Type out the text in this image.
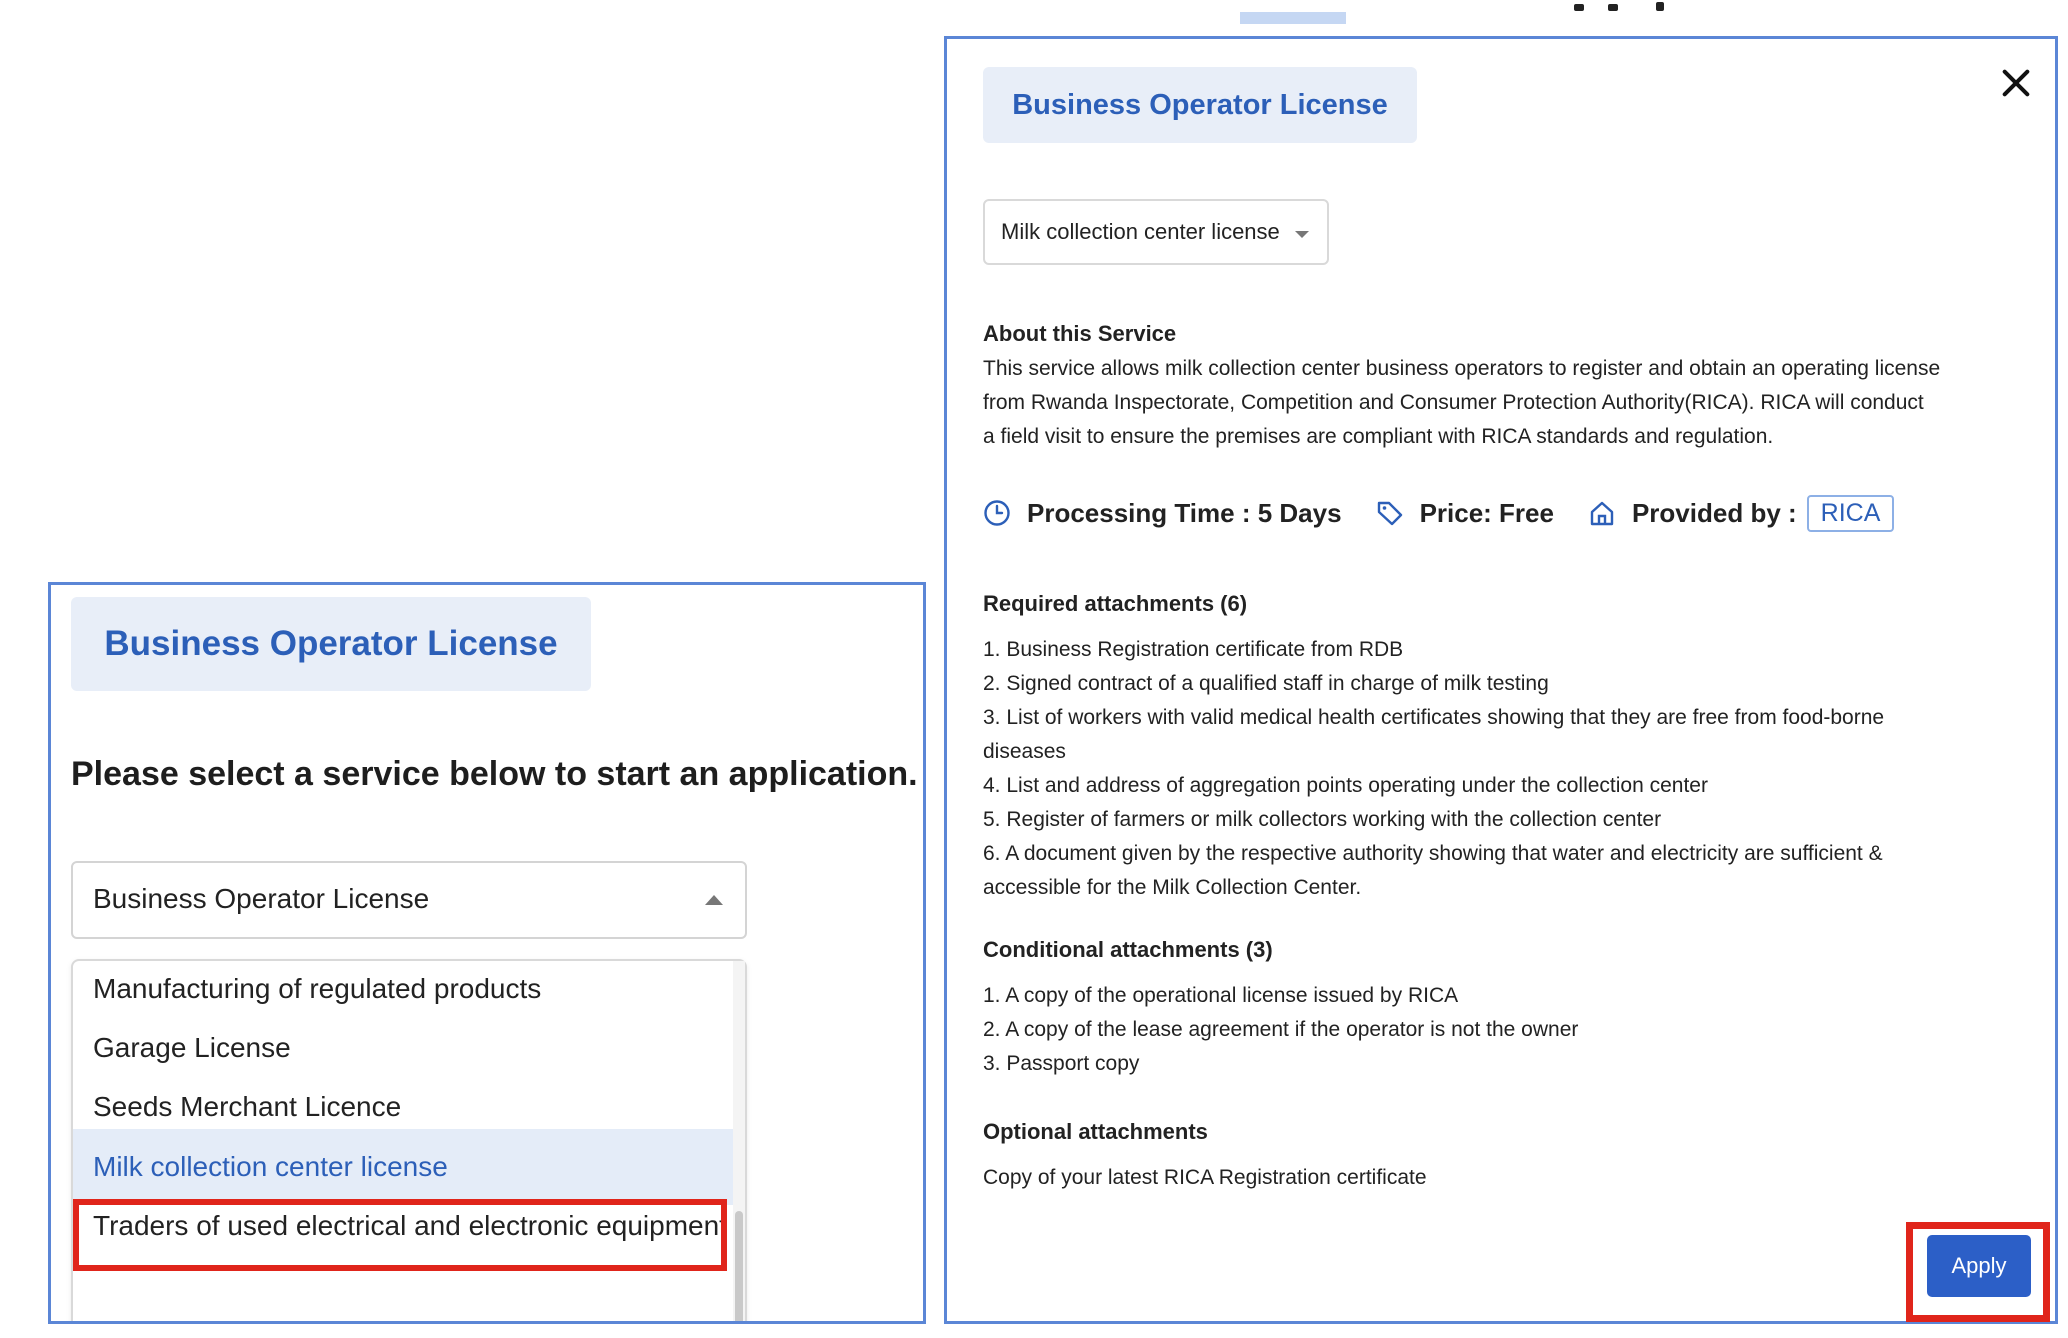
Business Operator License
Please select a service below to start an application.
Business Operator License
Manufacturing of regulated products
Garage License
Seeds Merchant Licence
Milk collection center license
Traders of used electrical and electronic equipment
Business Operator License
Milk collection center license
About this Service
This service allows milk collection center business operators to register and obtain an operating license
from Rwanda Inspectorate, Competition and Consumer Protection Authority(RICA). RICA will conduct
a field visit to ensure the premises are compliant with RICA standards and regulation.
Processing Time : 5 Days	Price: Free	Provided by : RICA
Required attachments (6)
1. Business Registration certificate from RDB
2. Signed contract of a qualified staff in charge of milk testing
3. List of workers with valid medical health certificates showing that they are free from food-borne
diseases
4. List and address of aggregation points operating under the collection center
5. Register of farmers or milk collectors working with the collection center
6. A document given by the respective authority showing that water and electricity are sufficient &
accessible for the Milk Collection Center.
Conditional attachments (3)
1. A copy of the operational license issued by RICA
2. A copy of the lease agreement if the operator is not the owner
3. Passport copy
Optional attachments
Copy of your latest RICA Registration certificate
Apply
